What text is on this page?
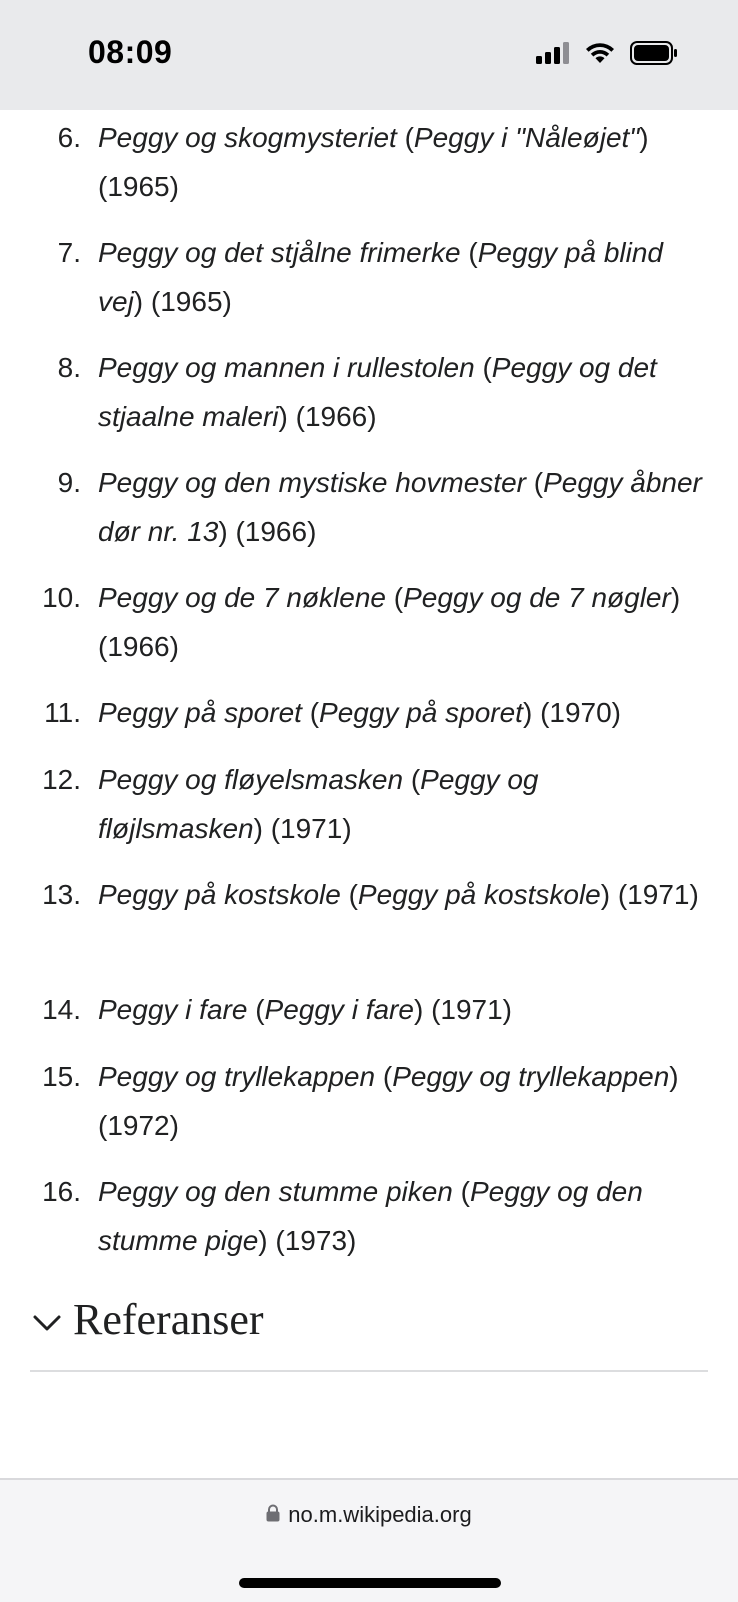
08:09
6. Peggy og skogmysteriet (Peggy i "Nåleøjet") (1965)
7. Peggy og det stjålne frimerke (Peggy på blind vej) (1965)
8. Peggy og mannen i rullestolen (Peggy og det stjaalne maleri) (1966)
9. Peggy og den mystiske hovmester (Peggy åbner dør nr. 13) (1966)
10. Peggy og de 7 nøklene (Peggy og de 7 nøgler) (1966)
11. Peggy på sporet (Peggy på sporet) (1970)
12. Peggy og fløyelsmasken (Peggy og fløjlsmasken) (1971)
13. Peggy på kostskole (Peggy på kostskole) (1971)
14. Peggy i fare (Peggy i fare) (1971)
15. Peggy og tryllekappen (Peggy og tryllekappen) (1972)
16. Peggy og den stumme piken (Peggy og den stumme pige) (1973)
Referanser
no.m.wikipedia.org
